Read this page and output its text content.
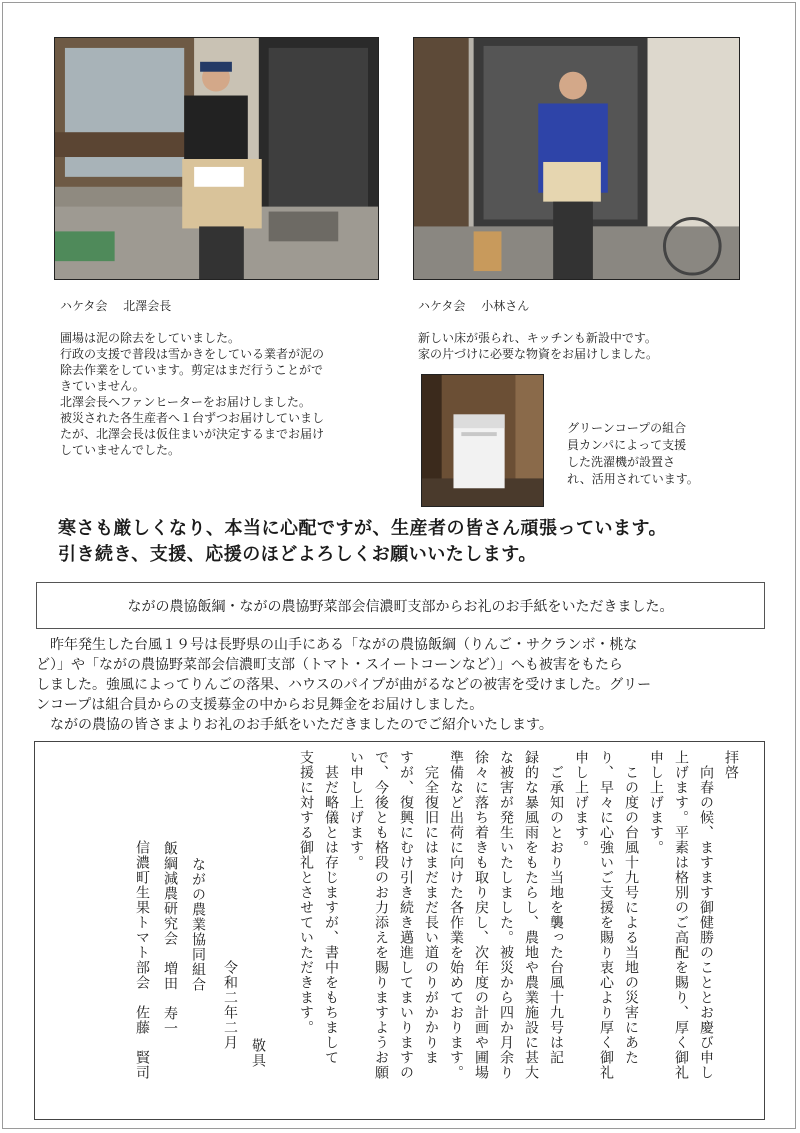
ハケタ会　 北澤会長	ハケタ会　 小林さん

圃場は泥の除去をしていました。
行政の支援で普段は雪かきをしている業者が泥の
除去作業をしています。剪定はまだ行うことがで
きていません。
北澤会長へファンヒーターをお届けしました。
被災された各生産者へ１台ずつお届けしていまし
たが、北澤会長は仮住まいが決定するまでお届け
していませんでした。
新しい床が張られ、キッチンも新設中です。
家の片づけに必要な物資をお届けしました。
グリーンコープの組合
員カンパによって支援
した洗濯機が設置さ
れ、活用されています。

寒さも厳しくなり、本当に心配ですが、生産者の皆さん頑張っています。

引き続き、支援、応援のほどよろしくお願いいたします。

ながの農協飯綱・ながの農協野菜部会信濃町支部からお礼のお手紙をいただきました。
　昨年発生した台風１９号は長野県の山手にある「ながの農協飯綱（りんご・サクランボ・桃な
ど）」や「ながの農協野菜部会信濃町支部（トマト・スイートコーンなど）」へも被害をもたら
しました。強風によってりんごの落果、ハウスのパイプが曲がるなどの被害を受けました。グリー
ンコープは組合員からの支援募金の中からお見舞金をお届けしました。
　ながの農協の皆さまよりお礼のお手紙をいただきましたのでご紹介いたします。
拝啓
　向春の候、ますます御健勝のこととお慶び申し
上げます。平素は格別のご高配を賜り、厚く御礼
申し上げます。
　この度の台風十九号による当地の災害にあた
り、早々に心強いご支援を賜り衷心より厚く御礼
申し上げます。
　ご承知のとおり当地を襲った台風十九号は記
録的な暴風雨をもたらし、農地や農業施設に甚大
な被害が発生いたしました。被災から四か月余り
徐々に落ち着きも取り戻し、次年度の計画や圃場
準備など出荷に向けた各作業を始めております。
　完全復旧にはまだまだ長い道のりがかかりま
すが、復興にむけ引き続き邁進してまいりますの
で、今後とも格段のお力添えを賜りますようお願
い申し上げます。
　甚だ略儀とは存じますが、書中をもちまして
支援に対する御礼とさせていただきます。
敬具
令和二年二月
ながの農業協同組合
飯綱減農研究会　増田　寿一
信濃町生果トマト部会　佐藤　賢司
